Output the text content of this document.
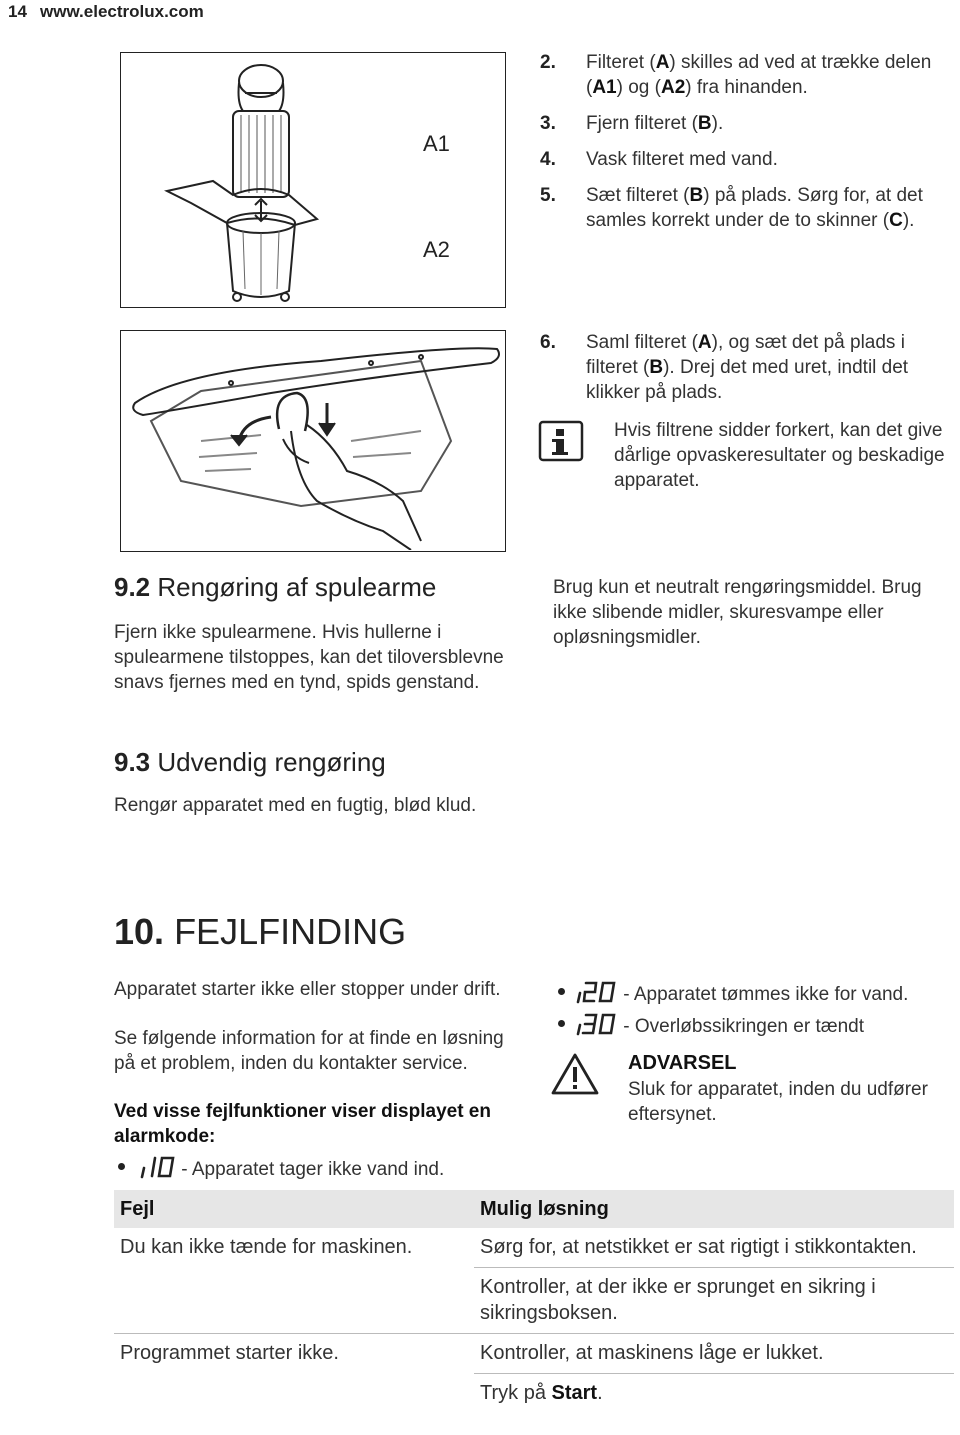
14 www.electrolux.com
A1
A2
2. Filteret (A) skilles ad ved at trække delen (A1) og (A2) fra hinanden.
3. Fjern filteret (B).
4. Vask filteret med vand.
5. Sæt filteret (B) på plads. Sørg for, at det samles korrekt under de to skinner (C).
6. Saml filteret (A), og sæt det på plads i filteret (B). Drej det med uret, indtil det klikker på plads.
Hvis filtrene sidder forkert, kan det give dårlige opvaskeresultater og beskadige apparatet.
9.2 Rengøring af spulearme
Fjern ikke spulearmene. Hvis hullerne i spulearmene tilstoppes, kan det tiloversblevne snavs fjernes med en tynd, spids genstand.
Brug kun et neutralt rengøringsmiddel. Brug ikke slibende midler, skuresvampe eller opløsningsmidler.
9.3 Udvendig rengøring
Rengør apparatet med en fugtig, blød klud.
10. FEJLFINDING
Apparatet starter ikke eller stopper under drift.
Se følgende information for at finde en løsning på et problem, inden du kontakter service.
Ved visse fejlfunktioner viser displayet en alarmkode:
- Apparatet tager ikke vand ind.
- Apparatet tømmes ikke for vand.
- Overløbssikringen er tændt
ADVARSEL
Sluk for apparatet, inden du udfører eftersynet.
Fejl	Mulig løsning
Du kan ikke tænde for maskinen.	Sørg for, at netstikket er sat rigtigt i stikkontakten.
	Kontroller, at der ikke er sprunget en sikring i sikringsboksen.
Programmet starter ikke.	Kontroller, at maskinens låge er lukket.
	Tryk på Start.
